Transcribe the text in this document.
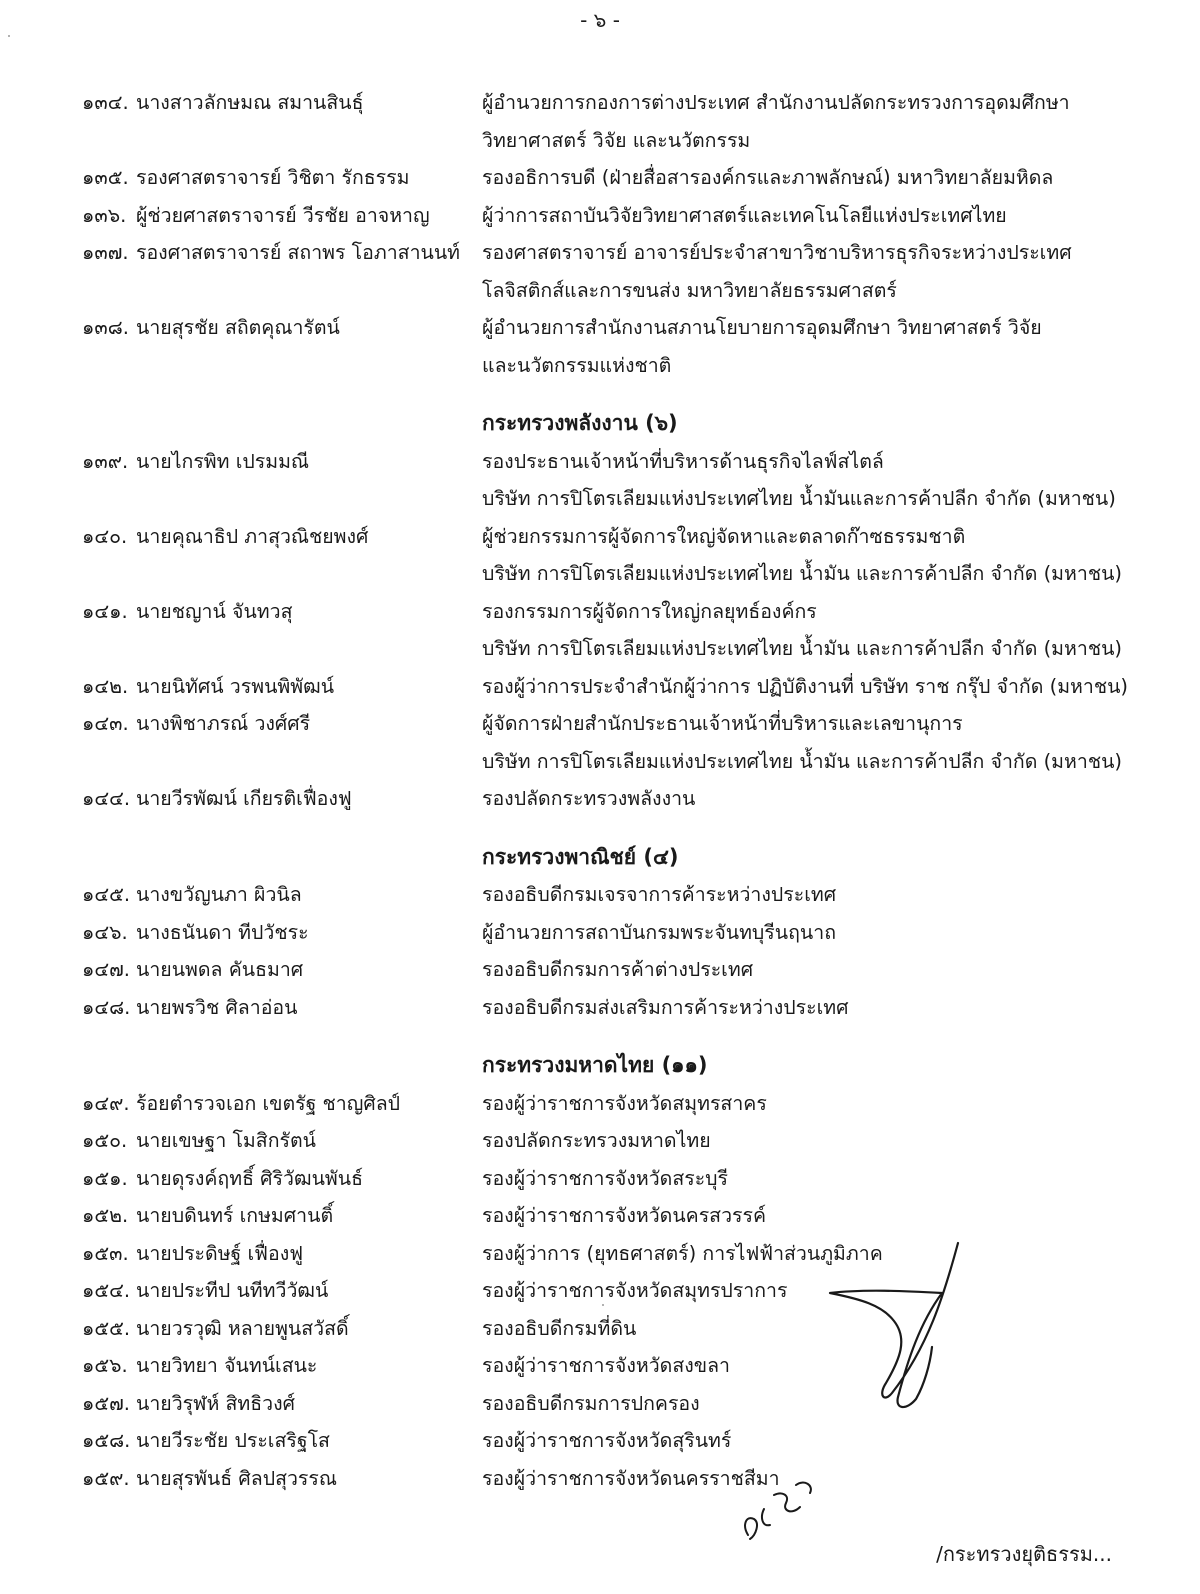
- ๖ -
๑๓๔. นางสาวลักษมณ สมานสินธุ์	ผู้อำนวยการกองการต่างประเทศ สำนักงานปลัดกระทรวงการอุดมศึกษา
วิทยาศาสตร์ วิจัย และนวัตกรรม
๑๓๕. รองศาสตราจารย์ วิชิตา รักธรรม	รองอธิการบดี (ฝ่ายสื่อสารองค์กรและภาพลักษณ์) มหาวิทยาลัยมหิดล
๑๓๖. ผู้ช่วยศาสตราจารย์ วีรชัย อาจหาญ	ผู้ว่าการสถาบันวิจัยวิทยาศาสตร์และเทคโนโลยีแห่งประเทศไทย
๑๓๗. รองศาสตราจารย์ สถาพร โอภาสานนท์	รองศาสตราจารย์ อาจารย์ประจำสาขาวิชาบริหารธุรกิจระหว่างประเทศ
โลจิสติกส์และการขนส่ง มหาวิทยาลัยธรรมศาสตร์
๑๓๘. นายสุรชัย สถิตคุณารัตน์	ผู้อำนวยการสำนักงานสภานโยบายการอุดมศึกษา วิทยาศาสตร์ วิจัย
และนวัตกรรมแห่งชาติ
กระทรวงพลังงาน (๖)
๑๓๙. นายไกรพิท เปรมมณี	รองประธานเจ้าหน้าที่บริหารด้านธุรกิจไลฟ์สไตล์
บริษัท การปิโตรเลียมแห่งประเทศไทย น้ำมันและการค้าปลีก จำกัด (มหาชน)
๑๔๐. นายคุณาธิป ภาสุวณิชยพงศ์	ผู้ช่วยกรรมการผู้จัดการใหญ่จัดหาและตลาดก๊าซธรรมชาติ
บริษัท การปิโตรเลียมแห่งประเทศไทย น้ำมัน และการค้าปลีก จำกัด (มหาชน)
๑๔๑. นายชญาน์ จันทวสุ	รองกรรมการผู้จัดการใหญ่กลยุทธ์องค์กร
บริษัท การปิโตรเลียมแห่งประเทศไทย น้ำมัน และการค้าปลีก จำกัด (มหาชน)
๑๔๒. นายนิทัศน์ วรพนพิพัฒน์	รองผู้ว่าการประจำสำนักผู้ว่าการ ปฏิบัติงานที่ บริษัท ราช กรุ๊ป จำกัด (มหาชน)
๑๔๓. นางพิชาภรณ์ วงศ์ศรี	ผู้จัดการฝ่ายสำนักประธานเจ้าหน้าที่บริหารและเลขานุการ
บริษัท การปิโตรเลียมแห่งประเทศไทย น้ำมัน และการค้าปลีก จำกัด (มหาชน)
๑๔๔. นายวีรพัฒน์ เกียรติเฟื่องฟู	รองปลัดกระทรวงพลังงาน
กระทรวงพาณิชย์ (๔)
๑๔๕. นางขวัญนภา ผิวนิล	รองอธิบดีกรมเจรจาการค้าระหว่างประเทศ
๑๔๖. นางธนันดา ทีปวัชระ	ผู้อำนวยการสถาบันกรมพระจันทบุรีนฤนาถ
๑๔๗. นายนพดล คันธมาศ	รองอธิบดีกรมการค้าต่างประเทศ
๑๔๘. นายพรวิช ศิลาอ่อน	รองอธิบดีกรมส่งเสริมการค้าระหว่างประเทศ
กระทรวงมหาดไทย (๑๑)
๑๔๙. ร้อยตำรวจเอก เขตรัฐ ชาญศิลป์	รองผู้ว่าราชการจังหวัดสมุทรสาคร
๑๕๐. นายเขษฐา โมสิกรัตน์	รองปลัดกระทรวงมหาดไทย
๑๕๑. นายดุรงค์ฤทธิ์ ศิริวัฒนพันธ์	รองผู้ว่าราชการจังหวัดสระบุรี
๑๕๒. นายบดินทร์ เกษมศานติ์	รองผู้ว่าราชการจังหวัดนครสวรรค์
๑๕๓. นายประดิษฐ์ เฟื่องฟู	รองผู้ว่าการ (ยุทธศาสตร์) การไฟฟ้าส่วนภูมิภาค
๑๕๔. นายประทีป นทีทวีวัฒน์	รองผู้ว่าราชการจังหวัดสมุทรปราการ
๑๕๕. นายวรวุฒิ หลายพูนสวัสดิ์	รองอธิบดีกรมที่ดิน
๑๕๖. นายวิทยา จันทน์เสนะ	รองผู้ว่าราชการจังหวัดสงขลา
๑๕๗. นายวิรุฬห์ สิทธิวงศ์	รองอธิบดีกรมการปกครอง
๑๕๘. นายวีระชัย ประเสริฐโส	รองผู้ว่าราชการจังหวัดสุรินทร์
๑๕๙. นายสุรพันธ์ ศิลปสุวรรณ	รองผู้ว่าราชการจังหวัดนครราชสีมา
/กระทรวงยุติธรรม...
